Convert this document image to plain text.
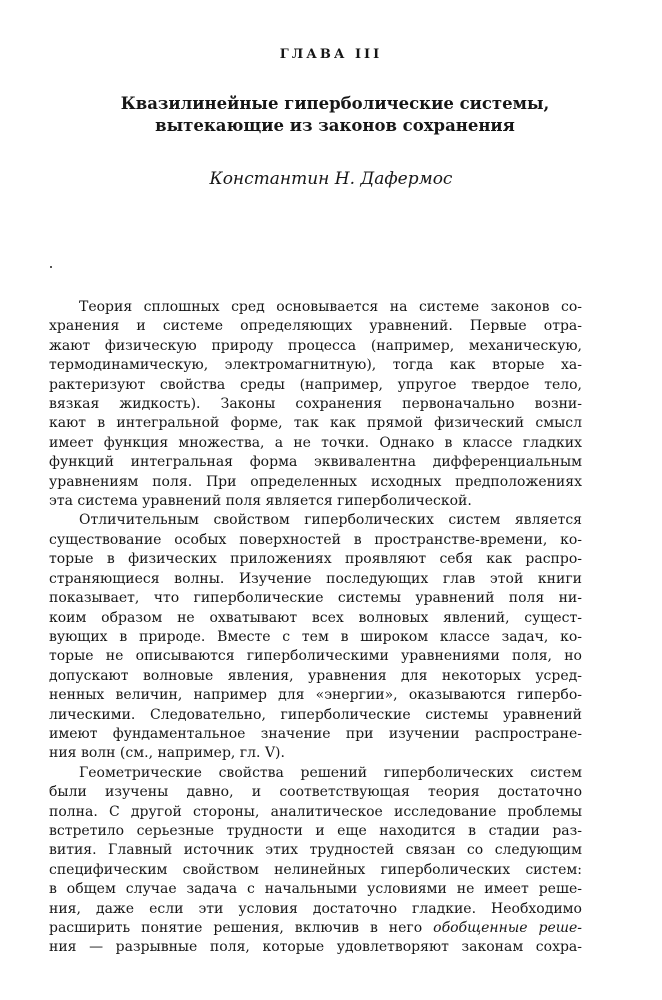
ГЛАВА III
Квазилинейные гиперболические системы,
вытекающие из законов сохранения
Константин Н. Дафермос
Теория сплошных сред основывается на системе законов со-
хранения и системе определяющих уравнений. Первые отра-
жают физическую природу процесса (например, механическую,
термодинамическую, электромагнитную), тогда как вторые ха-
рактеризуют свойства среды (например, упругое твердое тело,
вязкая жидкость). Законы сохранения первоначально возни-
кают в интегральной форме, так как прямой физический смысл
имеет функция множества, а не точки. Однако в классе гладких
функций интегральная форма эквивалентна дифференциальным
уравнениям поля. При определенных исходных предположениях
эта система уравнений поля является гиперболической.
Отличительным свойством гиперболических систем является
существование особых поверхностей в пространстве-времени, ко-
торые в физических приложениях проявляют себя как распро-
страняющиеся волны. Изучение последующих глав этой книги
показывает, что гиперболические системы уравнений поля ни-
коим образом не охватывают всех волновых явлений, сущест-
вующих в природе. Вместе с тем в широком классе задач, ко-
торые не описываются гиперболическими уравнениями поля, но
допускают волновые явления, уравнения для некоторых усред-
ненных величин, например для «энергии», оказываются гипербо-
лическими. Следовательно, гиперболические системы уравнений
имеют фундаментальное значение при изучении распростране-
ния волн (см., например, гл. V).
Геометрические свойства решений гиперболических систем
были изучены давно, и соответствующая теория достаточно
полна. С другой стороны, аналитическое исследование проблемы
встретило серьезные трудности и еще находится в стадии раз-
вития. Главный источник этих трудностей связан со следующим
специфическим свойством нелинейных гиперболических систем:
в общем случае задача с начальными условиями не имеет реше-
ния, даже если эти условия достаточно гладкие. Необходимо
расширить понятие решения, включив в него обобщенные реше-
ния — разрывные поля, которые удовлетворяют законам сохра-
